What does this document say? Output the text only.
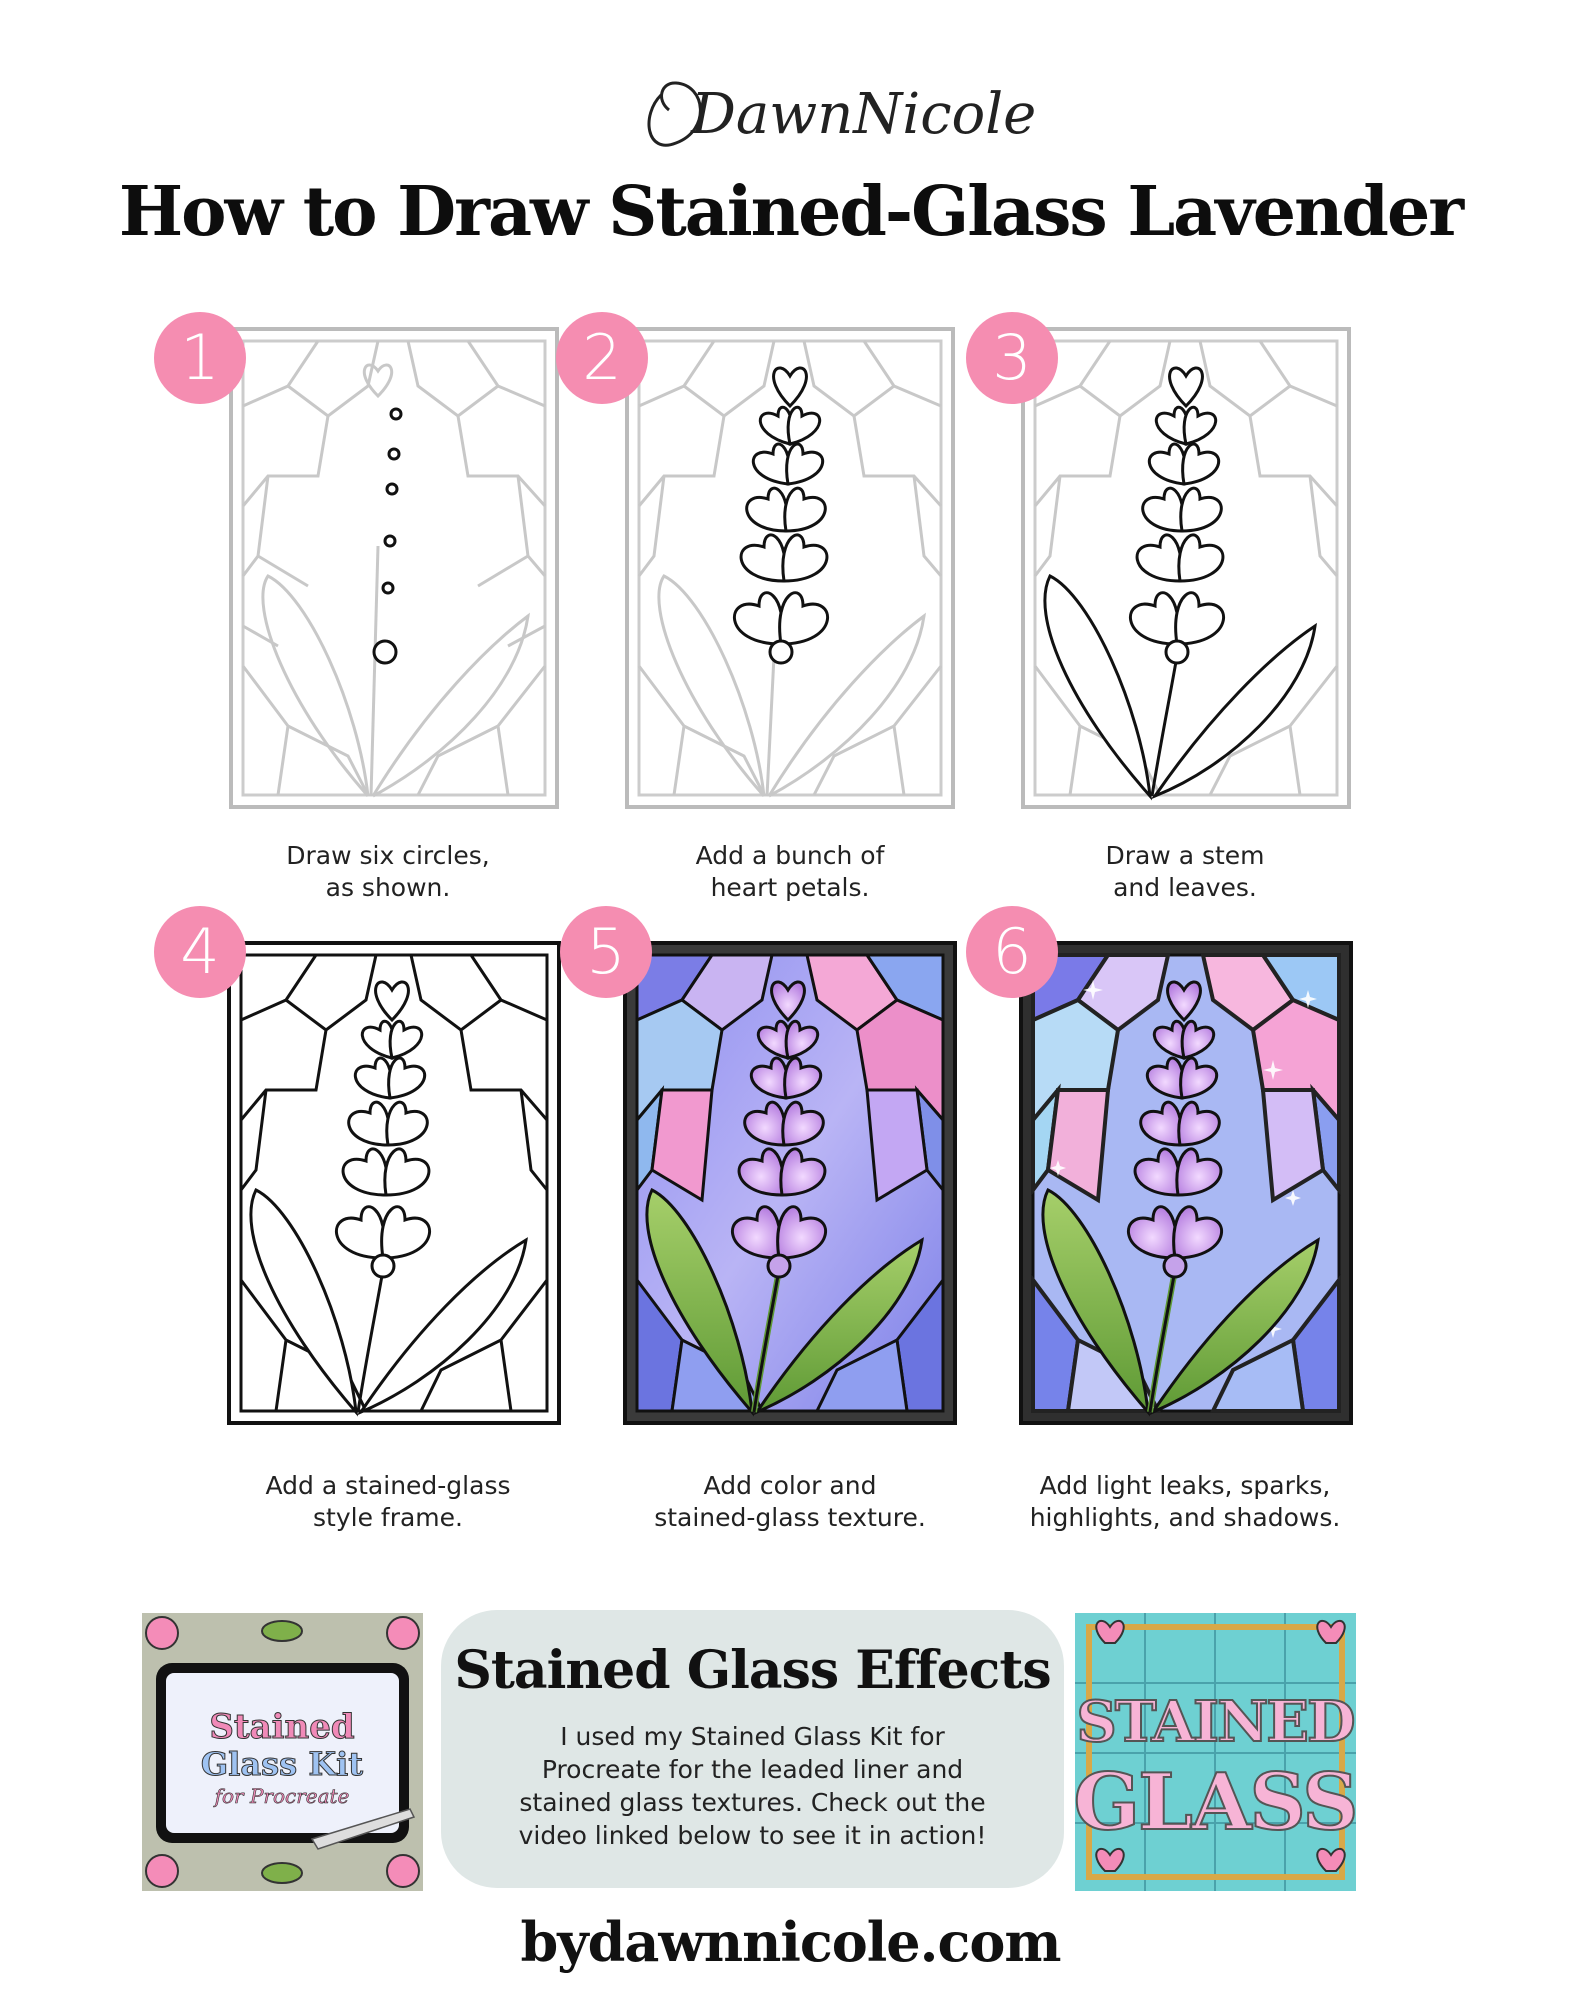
DawnNicole
How to Draw Stained-Glass Lavender
1
Draw six circles,
as shown.
2
Add a bunch of
heart petals.
3
Draw a stem
and leaves.
4
Add a stained-glass
style frame.
5
Add color and
stained-glass texture.
6
Add light leaks, sparks,
highlights, and shadows.
Stained
Glass Kit
for Procreate
Stained Glass Effects
I used my Stained Glass Kit for
Procreate for the leaded liner and
stained glass textures. Check out the
video linked below to see it in action!
STAINED
GLASS
bydawnnicole.com
